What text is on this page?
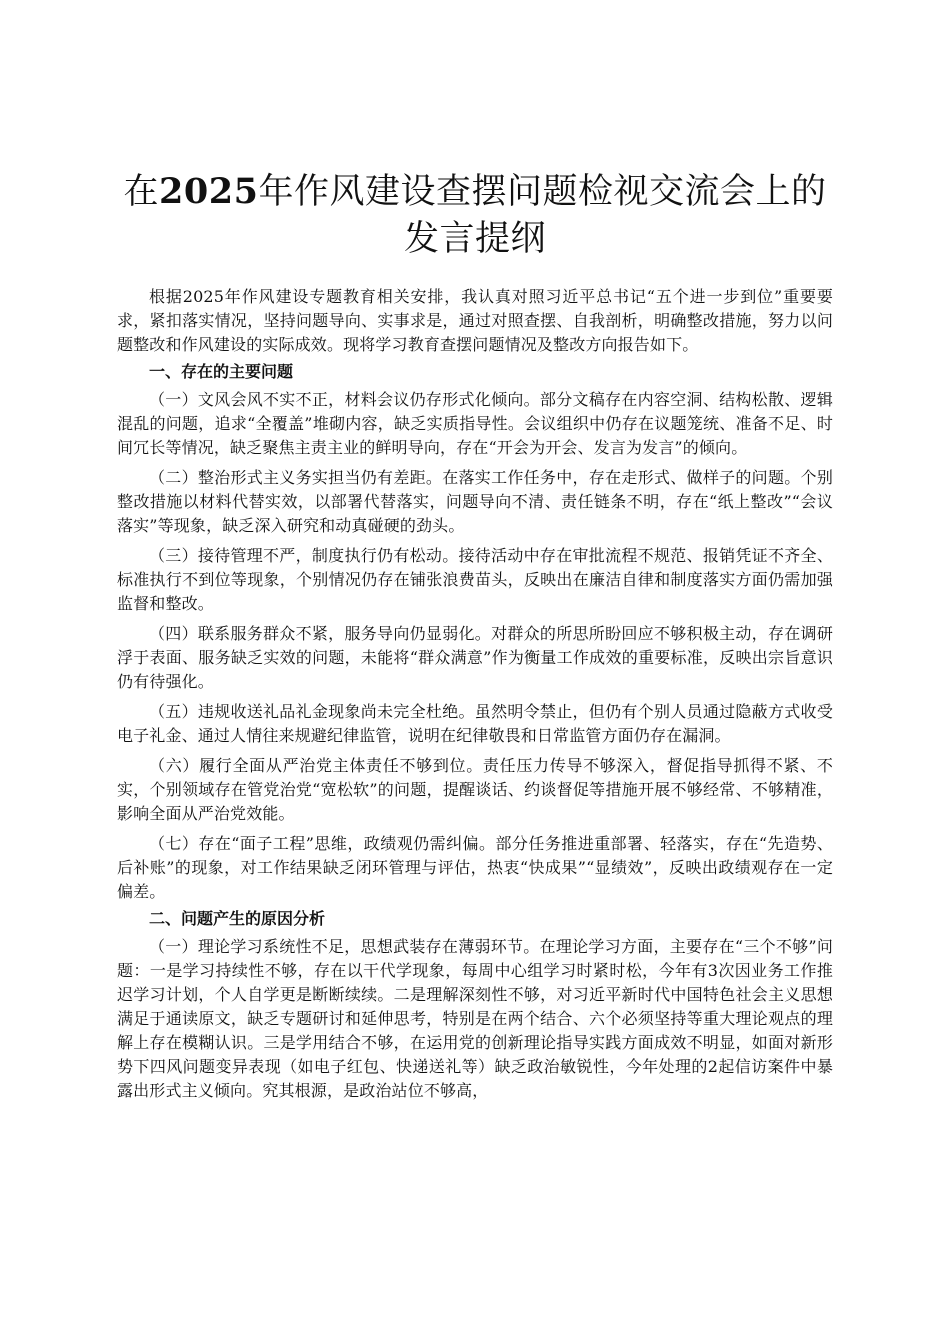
在2025年作风建设查摆问题检视交流会上的
发言提纲

根据2025年作风建设专题教育相关安排，我认真对照习近平总书记“五个进一步到位”重要要求，紧扣落实情况，坚持问题导向、实事求是，通过对照查摆、自我剖析，明确整改措施，努力以问题整改和作风建设的实际成效。现将学习教育查摆问题情况及整改方向报告如下。

一、存在的主要问题

（一）文风会风不实不正，材料会议仍存形式化倾向。部分文稿存在内容空洞、结构松散、逻辑混乱的问题，追求“全覆盖”堆砌内容，缺乏实质指导性。会议组织中仍存在议题笼统、准备不足、时间冗长等情况，缺乏聚焦主责主业的鲜明导向，存在“开会为开会、发言为发言”的倾向。

（二）整治形式主义务实担当仍有差距。在落实工作任务中，存在走形式、做样子的问题。个别整改措施以材料代替实效，以部署代替落实，问题导向不清、责任链条不明，存在“纸上整改”“会议落实”等现象，缺乏深入研究和动真碰硬的劲头。

（三）接待管理不严，制度执行仍有松动。接待活动中存在审批流程不规范、报销凭证不齐全、标准执行不到位等现象，个别情况仍存在铺张浪费苗头，反映出在廉洁自律和制度落实方面仍需加强监督和整改。

（四）联系服务群众不紧，服务导向仍显弱化。对群众的所思所盼回应不够积极主动，存在调研浮于表面、服务缺乏实效的问题，未能将“群众满意”作为衡量工作成效的重要标准，反映出宗旨意识仍有待强化。

（五）违规收送礼品礼金现象尚未完全杜绝。虽然明令禁止，但仍有个别人员通过隐蔽方式收受电子礼金、通过人情往来规避纪律监管，说明在纪律敬畏和日常监管方面仍存在漏洞。

（六）履行全面从严治党主体责任不够到位。责任压力传导不够深入，督促指导抓得不紧、不实，个别领域存在管党治党“宽松软”的问题，提醒谈话、约谈督促等措施开展不够经常、不够精准，影响全面从严治党效能。

（七）存在“面子工程”思维，政绩观仍需纠偏。部分任务推进重部署、轻落实，存在“先造势、后补账”的现象，对工作结果缺乏闭环管理与评估，热衷“快成果”“显绩效”，反映出政绩观存在一定偏差。

二、问题产生的原因分析

（一）理论学习系统性不足，思想武装存在薄弱环节。在理论学习方面，主要存在“三个不够”问题：一是学习持续性不够，存在以干代学现象，每周中心组学习时紧时松，今年有3次因业务工作推迟学习计划，个人自学更是断断续续。二是理解深刻性不够，对习近平新时代中国特色社会主义思想满足于通读原文，缺乏专题研讨和延伸思考，特别是在两个结合、六个必须坚持等重大理论观点的理解上存在模糊认识。三是学用结合不够，在运用党的创新理论指导实践方面成效不明显，如面对新形势下四风问题变异表现（如电子红包、快递送礼等）缺乏政治敏锐性，今年处理的2起信访案件中暴露出形式主义倾向。究其根源，是政治站位不够高，
